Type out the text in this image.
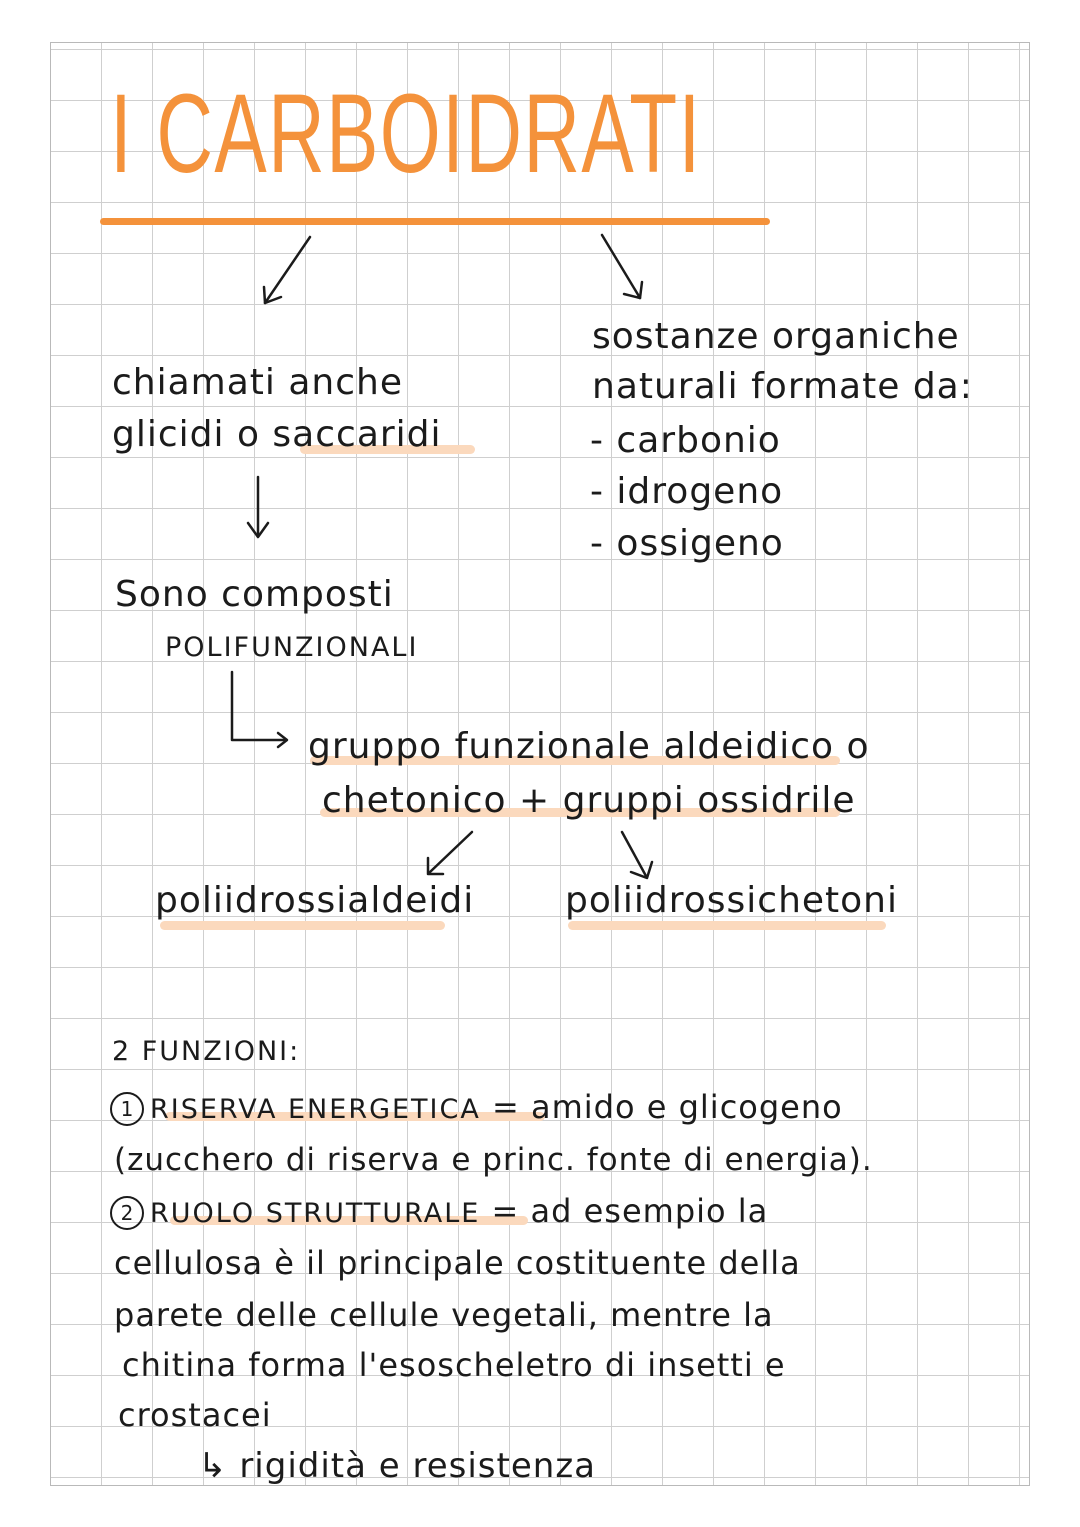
I CARBOIDRATI
chiamati anche
glicidi o saccaridi
Sono composti
POLIFUNZIONALI
sostanze organiche
naturali formate da:
- carbonio
- idrogeno
- ossigeno
gruppo funzionale aldeidico o
chetonico + gruppi ossidrile
poliidrossialdeidi	poliidrossichetoni
2 FUNZIONI:
1 RISERVA ENERGETICA = amido e glicogeno
(zucchero di riserva e princ. fonte di energia).
2 RUOLO STRUTTURALE = ad esempio la
cellulosa è il principale costituente della
parete delle cellule vegetali, mentre la
chitina forma l'esoscheletro di insetti e
crostacei
↳ rigidità e resistenza
